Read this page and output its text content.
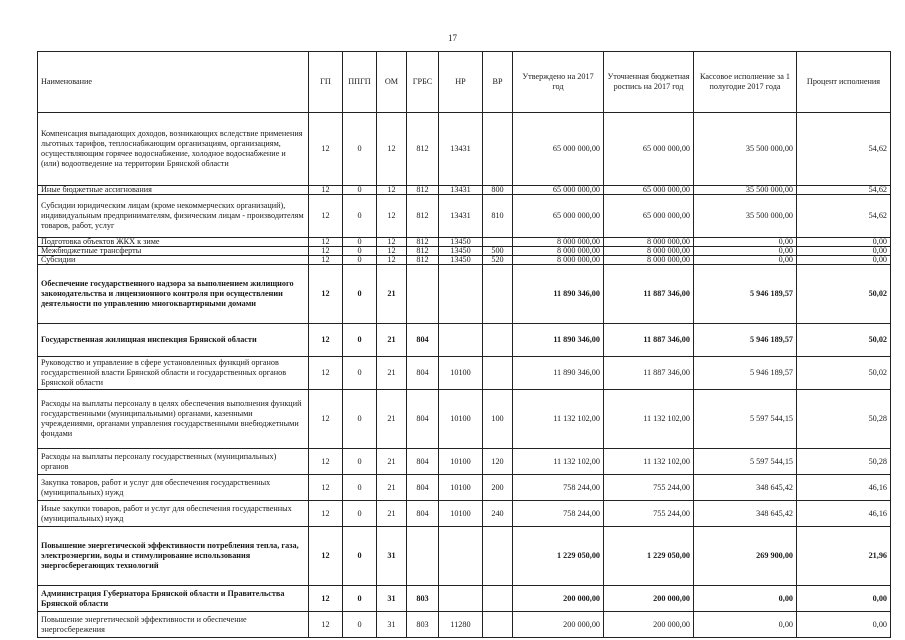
17
Наименование	ГП	ППГП	ОМ	ГРБС	НР	ВР	Утверждено на 2017 год	Уточненная бюджетная роспись на 2017 год	Кассовое исполнение за 1 полугодие 2017 года	Процент исполнения
Компенсация выпадающих доходов, возникающих вследствие применения льготных тарифов, теплоснабжающим организациям, организациям, осуществляющим горячее водоснабжение, холодное водоснабжение и (или) водоотведение на территории Брянской области	12	0	12	812	13431		65 000 000,00	65 000 000,00	35 500 000,00	54,62
Иные бюджетные ассигнования	12	0	12	812	13431	800	65 000 000,00	65 000 000,00	35 500 000,00	54,62
Субсидии юридическим лицам (кроме некоммерческих организаций), индивидуальным предпринимателям, физическим лицам - производителям товаров, работ, услуг	12	0	12	812	13431	810	65 000 000,00	65 000 000,00	35 500 000,00	54,62
Подготовка объектов ЖКХ к зиме	12	0	12	812	13450		8 000 000,00	8 000 000,00	0,00	0,00
Межбюджетные трансферты	12	0	12	812	13450	500	8 000 000,00	8 000 000,00	0,00	0,00
Субсидии	12	0	12	812	13450	520	8 000 000,00	8 000 000,00	0,00	0,00
Обеспечение государственного надзора за выполнением жилищного законодательства и лицензионного контроля при осуществлении деятельности по управлению многоквартирными домами	12	0	21				11 890 346,00	11 887 346,00	5 946 189,57	50,02
Государственная жилищная инспекция Брянской области	12	0	21	804			11 890 346,00	11 887 346,00	5 946 189,57	50,02
Руководство и управление в сфере установленных функций органов государственной власти Брянской области и государственных органов Брянской области	12	0	21	804	10100		11 890 346,00	11 887 346,00	5 946 189,57	50,02
Расходы на выплаты персоналу в целях обеспечения выполнения функций государственными (муниципальными) органами, казенными учреждениями, органами управления государственными внебюджетными фондами	12	0	21	804	10100	100	11 132 102,00	11 132 102,00	5 597 544,15	50,28
Расходы на выплаты персоналу государственных (муниципальных) органов	12	0	21	804	10100	120	11 132 102,00	11 132 102,00	5 597 544,15	50,28
Закупка товаров, работ и услуг для обеспечения государственных (муниципальных) нужд	12	0	21	804	10100	200	758 244,00	755 244,00	348 645,42	46,16
Иные закупки товаров, работ и услуг для обеспечения государственных (муниципальных) нужд	12	0	21	804	10100	240	758 244,00	755 244,00	348 645,42	46,16
Повышение энергетической эффективности потребления тепла, газа, электроэнергии, воды и стимулирование использования энергосберегающих технологий	12	0	31				1 229 050,00	1 229 050,00	269 900,00	21,96
Администрация Губернатора Брянской области и Правительства Брянской области	12	0	31	803			200 000,00	200 000,00	0,00	0,00
Повышение энергетической эффективности и обеспечение энергосбережения	12	0	31	803	11280		200 000,00	200 000,00	0,00	0,00
